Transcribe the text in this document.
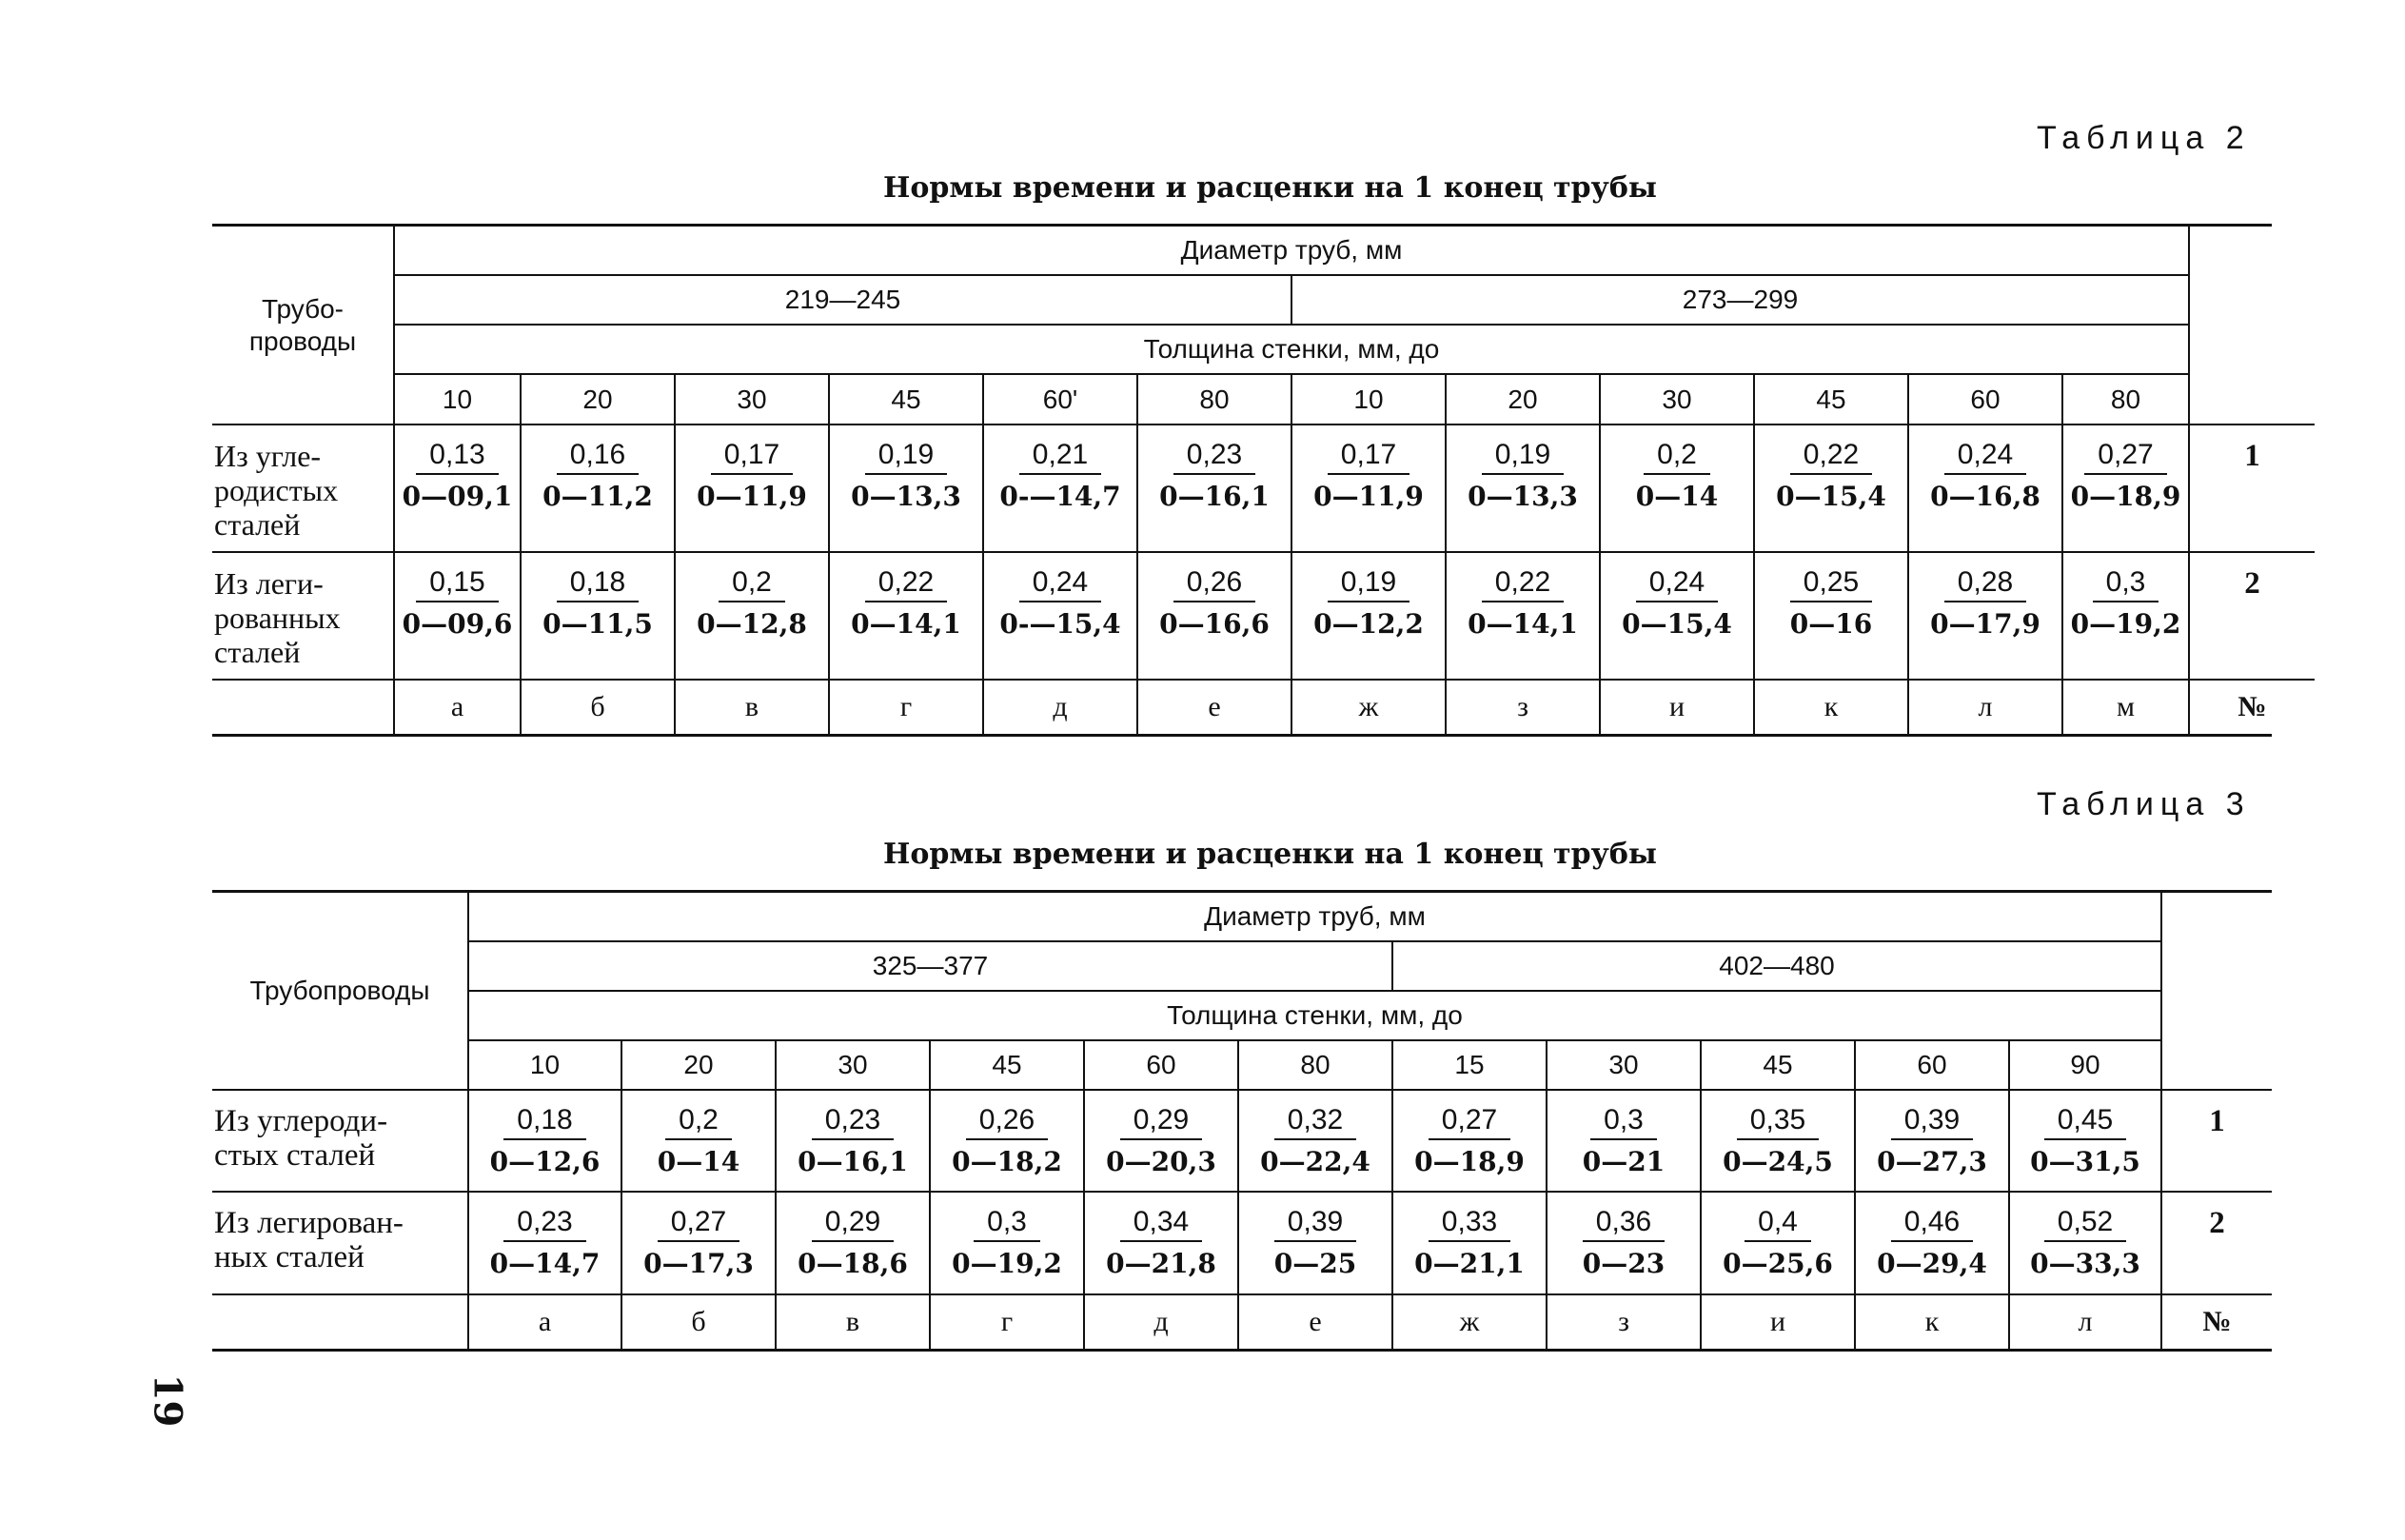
Таблица 2
Нормы времени и расценки на 1 конец трубы
Трубо-
проводы
Диаметр труб, мм
219—245	273—299
Толщина стенки, мм, до
10	20	30	45	60'	80	10	20	30	45	60	80
Из угле-
родистых
сталей	$\frac{0,13}{0—09,1} \frac{0,16}{0—11,2} \frac{0,17}{0—11,9} \frac{0,19}{0—13,3} \frac{0,21}{0-—14,7} \frac{0,23}{0—16,1} \frac{0,17}{0—11,9} \frac{0,19}{0—13,3} \frac{0,2}{0—14} \frac{0,22}{0—15,4} \frac{0,24}{0—16,8} \frac{0,27}{0—18,9}$	1
Из леги-
рованных
сталей	$\frac{0,15}{0—09,6} \frac{0,18}{0—11,5} \frac{0,2}{0—12,8} \frac{0,22}{0—14,1} \frac{0,24}{0-—15,4} \frac{0,26}{0—16,6} \frac{0,19}{0—12,2} \frac{0,22}{0—14,1} \frac{0,24}{0—15,4} \frac{0,25}{0—16} \frac{0,28}{0—17,9} \frac{0,3}{0—19,2}$	2
а	б	в	г	д	е	ж	з	и	к	л	м	№
Таблица 3
Нормы времени и расценки на 1 конец трубы
Трубопроводы
Диаметр труб, мм
325—377	402—480
Толщина стенки, мм, до
10	20	30	45	60	80	15	30	45	60	90
Из углероди-
стых сталей	$\frac{0,18}{0—12,6} \frac{0,2}{0—14} \frac{0,23}{0—16,1} \frac{0,26}{0—18,2} \frac{0,29}{0—20,3} \frac{0,32}{0—22,4} \frac{0,27}{0—18,9} \frac{0,3}{0—21} \frac{0,35}{0—24,5} \frac{0,39}{0—27,3} \frac{0,45}{0—31,5}$	1
Из легирован-
ных сталей	$\frac{0,23}{0—14,7} \frac{0,27}{0—17,3} \frac{0,29}{0—18,6} \frac{0,3}{0—19,2} \frac{0,34}{0—21,8} \frac{0,39}{0—25} \frac{0,33}{0—21,1} \frac{0,36}{0—23} \frac{0,4}{0—25,6} \frac{0,46}{0—29,4} \frac{0,52}{0—33,3}$	2
а	б	в	г	д	е	ж	з	и	к	л	№
19
